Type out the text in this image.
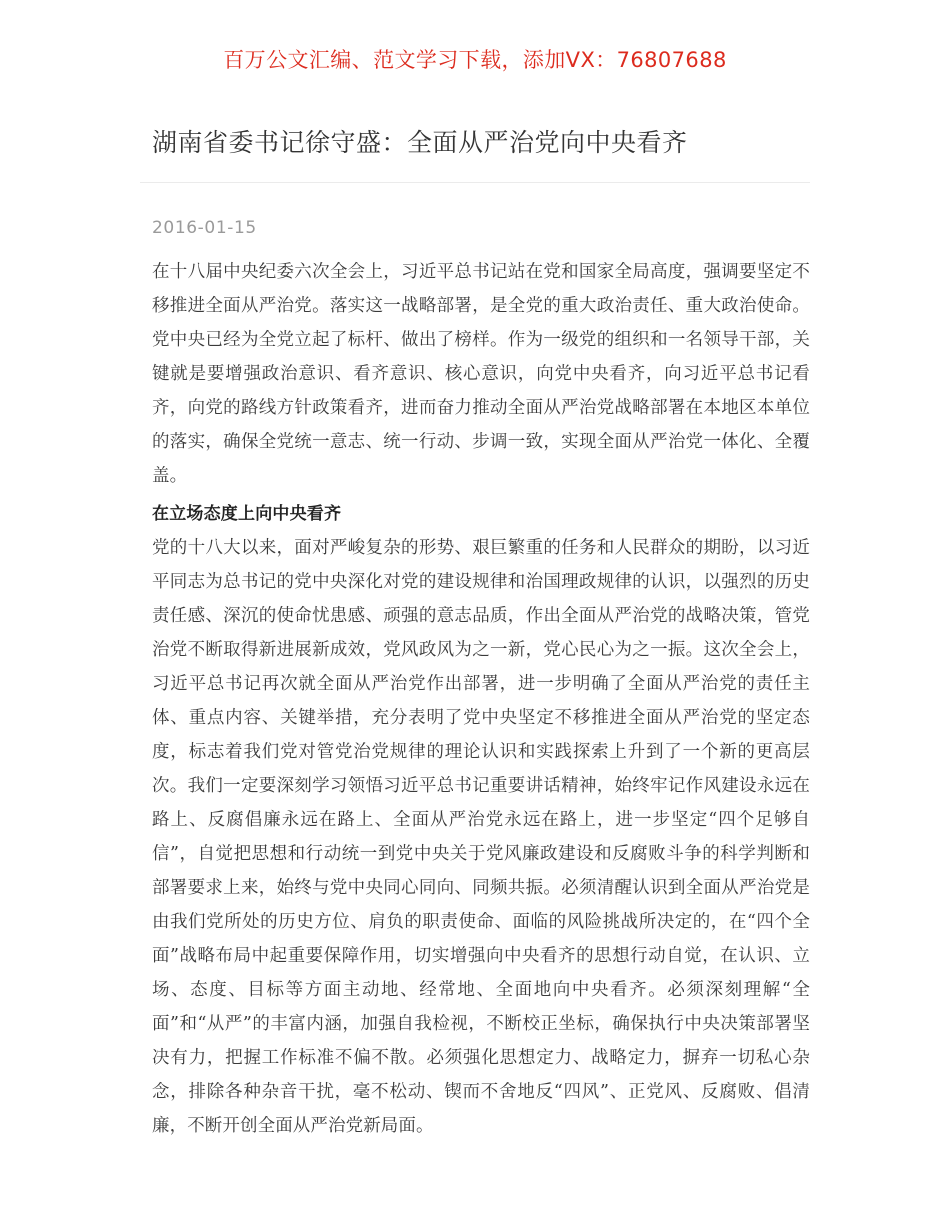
百万公文汇编、范文学习下载，添加VX：76807688
湖南省委书记徐守盛：全面从严治党向中央看齐
2016-01-15

在十八届中央纪委六次全会上，习近平总书记站在党和国家全局高度，强调要坚定不移推进全面从严治党。落实这一战略部署，是全党的重大政治责任、重大政治使命。党中央已经为全党立起了标杆、做出了榜样。作为一级党的组织和一名领导干部，关键就是要增强政治意识、看齐意识、核心意识，向党中央看齐，向习近平总书记看齐，向党的路线方针政策看齐，进而奋力推动全面从严治党战略部署在本地区本单位的落实，确保全党统一意志、统一行动、步调一致，实现全面从严治党一体化、全覆盖。

在立场态度上向中央看齐

党的十八大以来，面对严峻复杂的形势、艰巨繁重的任务和人民群众的期盼，以习近平同志为总书记的党中央深化对党的建设规律和治国理政规律的认识，以强烈的历史责任感、深沉的使命忧患感、顽强的意志品质，作出全面从严治党的战略决策，管党治党不断取得新进展新成效，党风政风为之一新，党心民心为之一振。这次全会上，习近平总书记再次就全面从严治党作出部署，进一步明确了全面从严治党的责任主体、重点内容、关键举措，充分表明了党中央坚定不移推进全面从严治党的坚定态度，标志着我们党对管党治党规律的理论认识和实践探索上升到了一个新的更高层次。我们一定要深刻学习领悟习近平总书记重要讲话精神，始终牢记作风建设永远在路上、反腐倡廉永远在路上、全面从严治党永远在路上，进一步坚定“四个足够自信”，自觉把思想和行动统一到党中央关于党风廉政建设和反腐败斗争的科学判断和部署要求上来，始终与党中央同心同向、同频共振。必须清醒认识到全面从严治党是由我们党所处的历史方位、肩负的职责使命、面临的风险挑战所决定的，在“四个全面”战略布局中起重要保障作用，切实增强向中央看齐的思想行动自觉，在认识、立场、态度、目标等方面主动地、经常地、全面地向中央看齐。必须深刻理解“全面”和“从严”的丰富内涵，加强自我检视，不断校正坐标，确保执行中央决策部署坚决有力，把握工作标准不偏不散。必须强化思想定力、战略定力，摒弃一切私心杂念，排除各种杂音干扰，毫不松动、锲而不舍地反“四风”、正党风、反腐败、倡清廉，不断开创全面从严治党新局面。
